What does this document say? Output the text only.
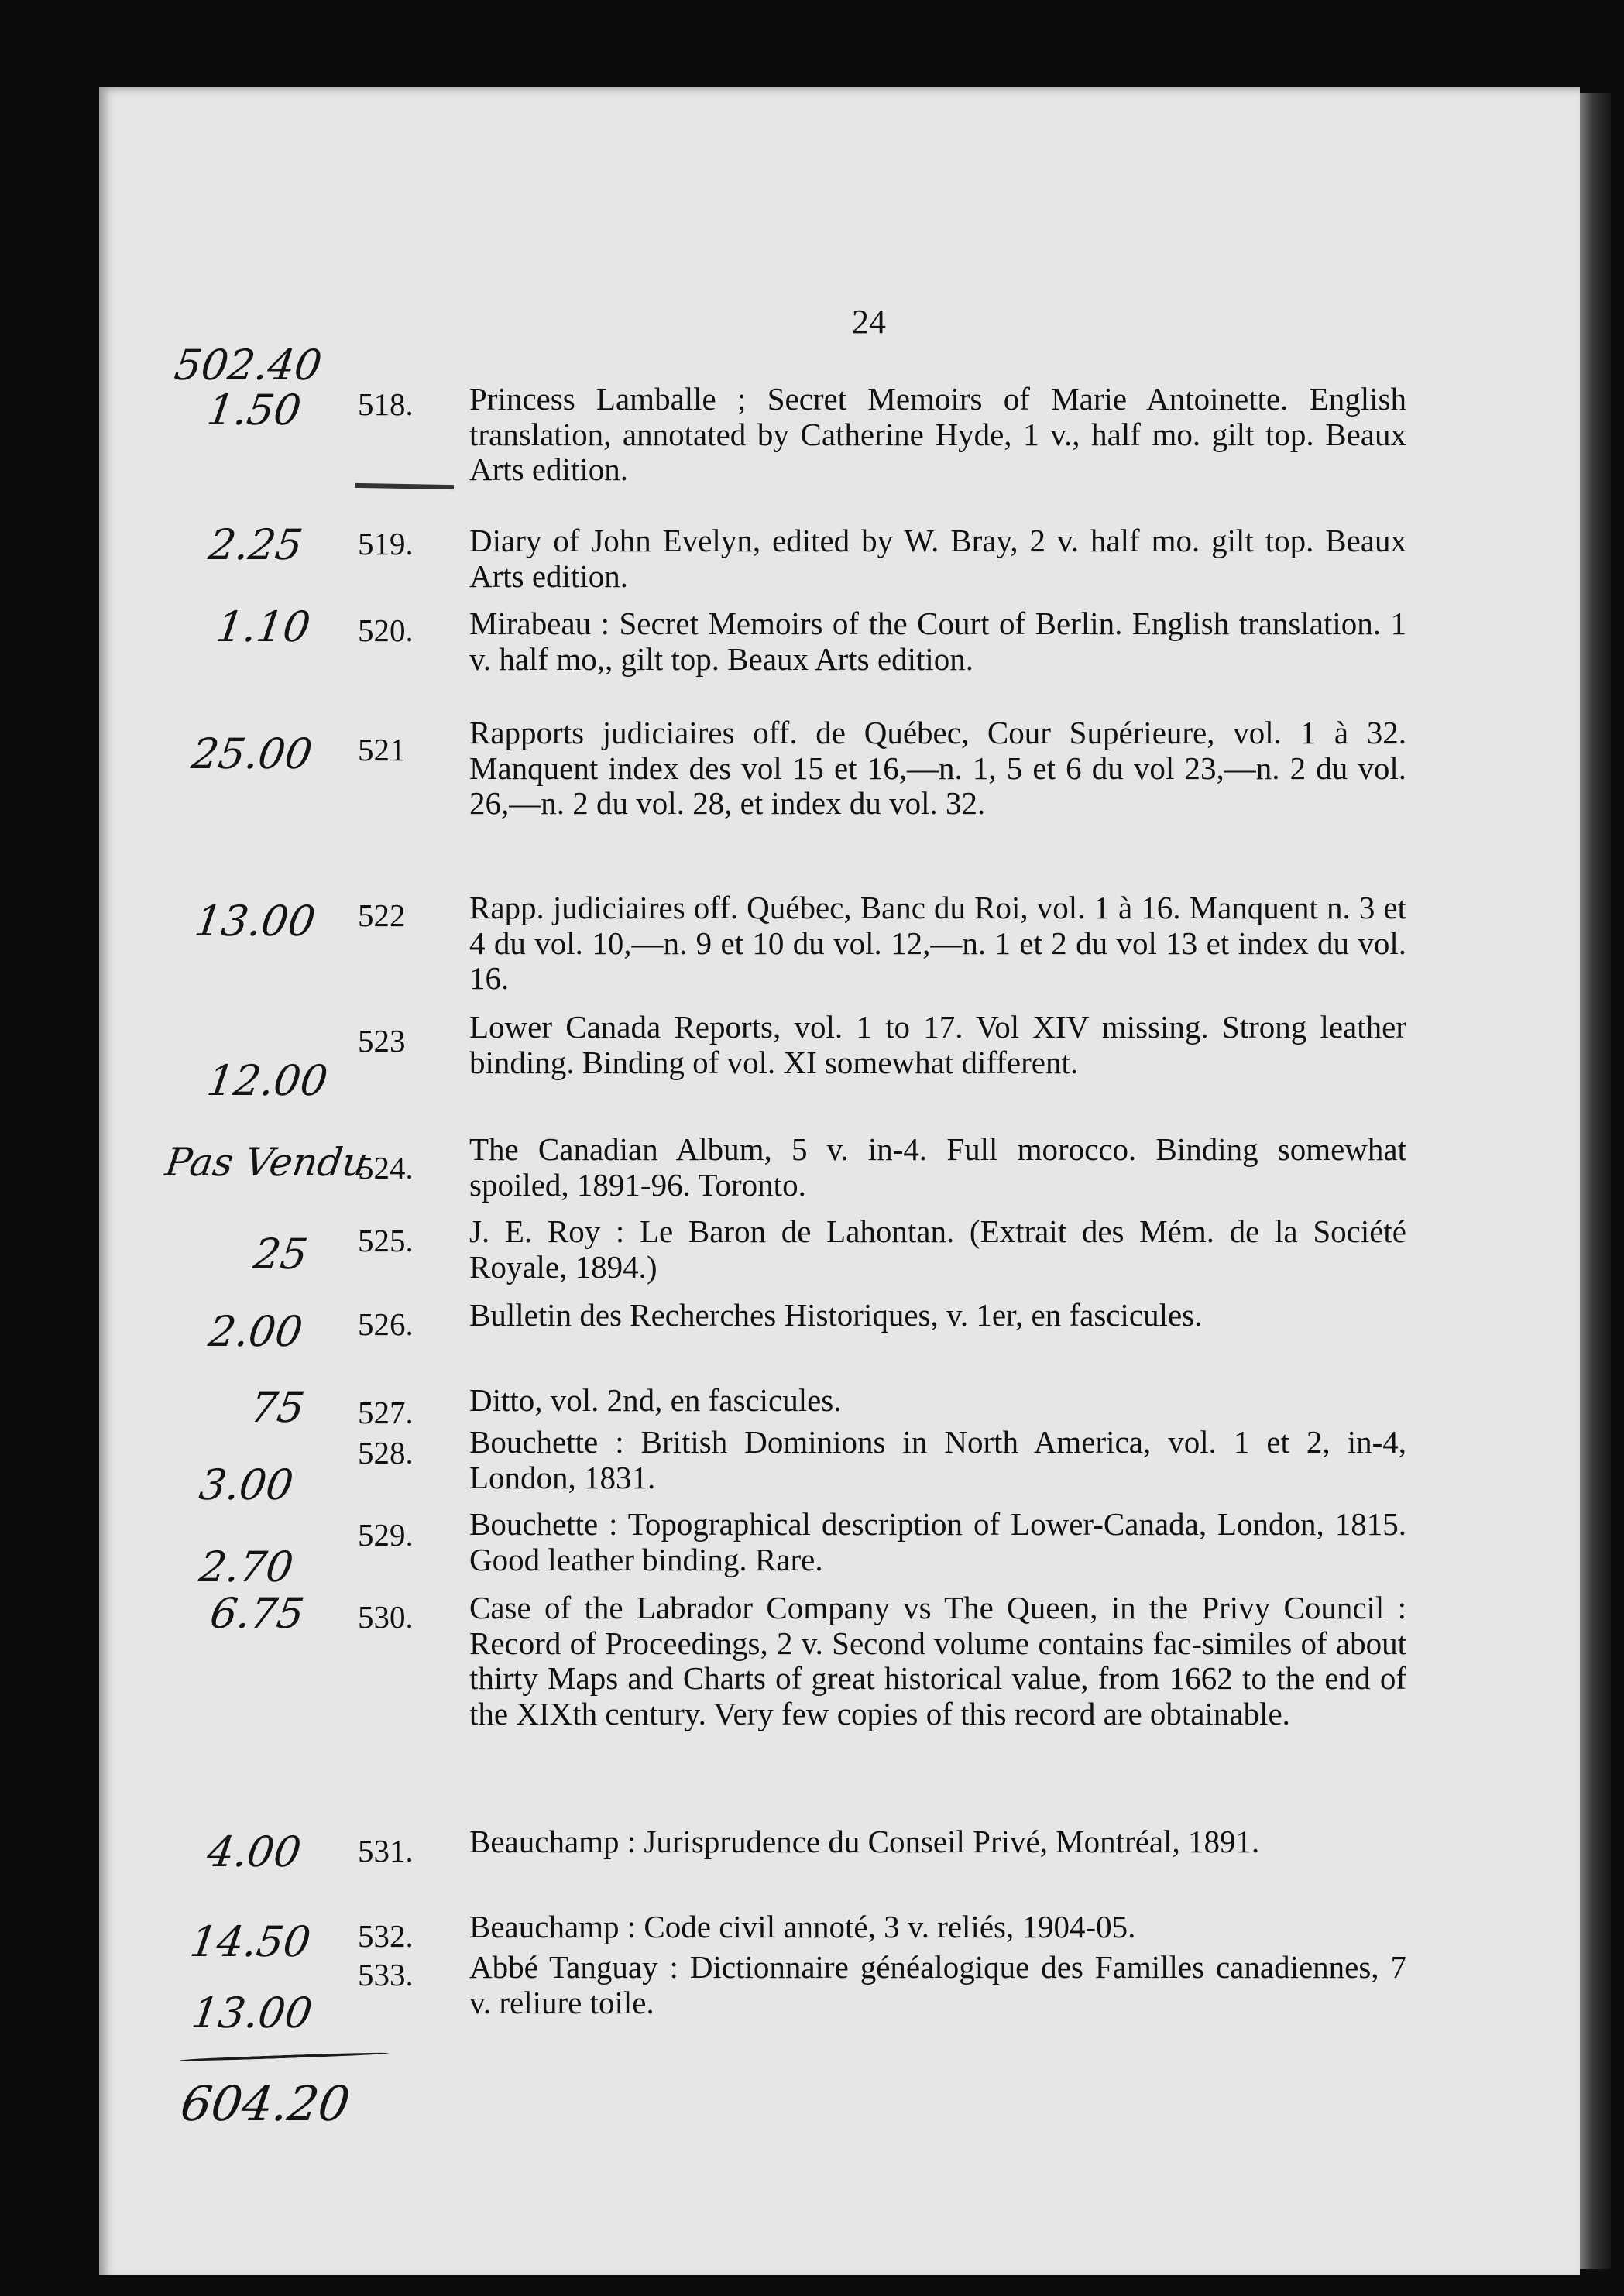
24
502.40
1.50 518. Princess Lamballe ; Secret Memoirs of Marie Antoinette. English translation, annotated by Catherine Hyde, 1 v., half mo. gilt top. Beaux Arts edition.
2.25 519. Diary of John Evelyn, edited by W. Bray, 2 v. half mo. gilt top. Beaux Arts edition.
1.10 520. Mirabeau : Secret Memoirs of the Court of Berlin. English translation. 1 v. half mo,, gilt top. Beaux Arts edition.
25.00 521 Rapports judiciaires off. de Québec, Cour Supérieure, vol. 1 à 32. Manquent index des vol 15 et 16,—n. 1, 5 et 6 du vol 23,—n. 2 du vol. 26,—n. 2 du vol. 28, et index du vol. 32.
13.00 522 Rapp. judiciaires off. Québec, Banc du Roi, vol. 1 à 16. Manquent n. 3 et 4 du vol. 10,—n. 9 et 10 du vol. 12,—n. 1 et 2 du vol 13 et index du vol. 16.
12.00
523 Lower Canada Reports, vol. 1 to 17. Vol XIV missing. Strong leather binding. Binding of vol. XI somewhat different.
Pas Vendu
524.
The Canadian Album, 5 v. in-4. Full morocco. Binding somewhat spoiled, 1891-96. Toronto.
25 525. J. E. Roy : Le Baron de Lahontan. (Extrait des Mém. de la Société Royale, 1894.)
2.00 526. Bulletin des Recherches Historiques, v. 1er, en fascicules.
75 527. Ditto, vol. 2nd, en fascicules.
3.00
528. Bouchette : British Dominions in North America, vol. 1 et 2, in-4, London, 1831.
2.70
529. Bouchette : Topographical description of Lower-Canada, London, 1815. Good leather binding. Rare.
6.75 530. Case of the Labrador Company vs The Queen, in the Privy Council : Record of Proceedings, 2 v. Second volume contains fac-similes of about thirty Maps and Charts of great historical value, from 1662 to the end of the XIXth century. Very few copies of this record are obtainable.
4.00 531. Beauchamp : Jurisprudence du Conseil Privé, Montréal, 1891.
14.50 532. Beauchamp : Code civil annoté, 3 v. reliés, 1904-05.
13.00
533. Abbé Tanguay : Dictionnaire généalogique des Familles canadiennes, 7 v. reliure toile.
604.20
